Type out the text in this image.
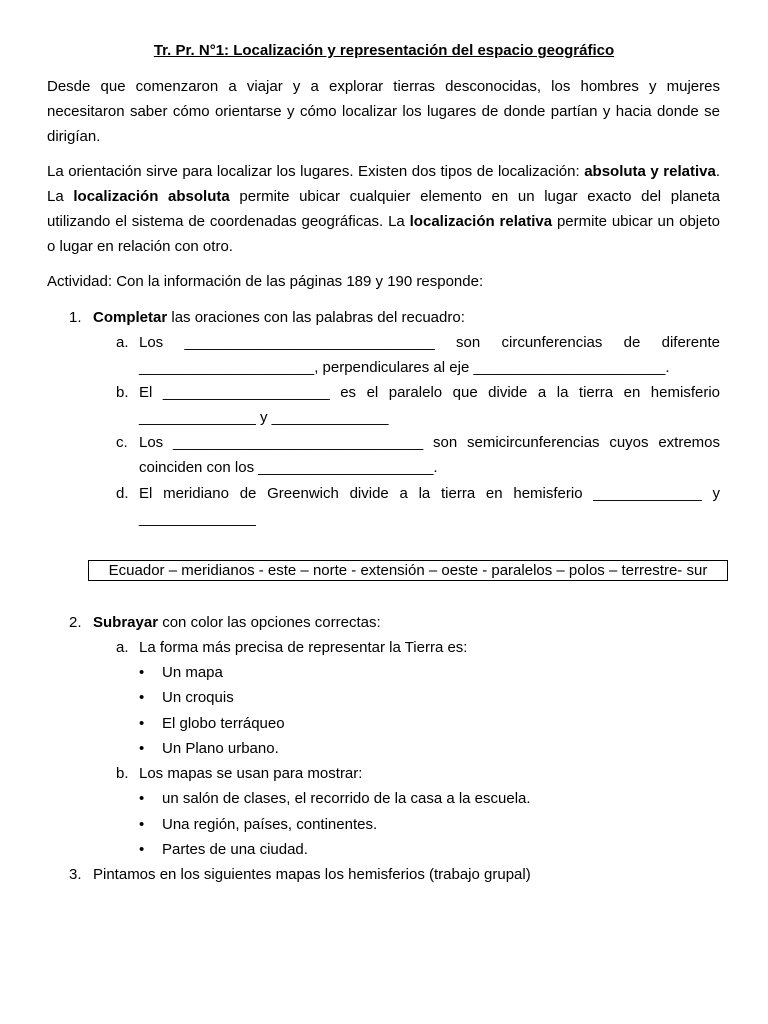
Tr. Pr. N°1: Localización y representación del espacio geográfico

Desde que comenzaron a viajar y a explorar tierras desconocidas, los hombres y mujeres necesitaron saber cómo orientarse y cómo localizar los lugares de donde partían y hacia donde se dirigían.

La orientación sirve para localizar los lugares. Existen dos tipos de localización: absoluta y relativa. La localización absoluta permite ubicar cualquier elemento en un lugar exacto del planeta utilizando el sistema de coordenadas geográficas. La localización relativa permite ubicar un objeto o lugar en relación con otro.

Actividad: Con la información de las páginas 189 y 190 responde:
1. Completar las oraciones con las palabras del recuadro:
a. Los ______________________________ son circunferencias de diferente
_____________________, perpendiculares al eje _______________________.
b. El ____________________ es el paralelo que divide a la tierra en hemisferio
______________ y ______________
c. Los ______________________________ son semicircunferencias cuyos extremos
coinciden con los _____________________.
d. El meridiano de Greenwich divide a la tierra en hemisferio _____________ y
______________
Ecuador – meridianos - este – norte - extensión – oeste - paralelos – polos – terrestre- sur
2. Subrayar con color las opciones correctas:
a. La forma más precisa de representar la Tierra es:
• Un mapa
• Un croquis
• El globo terráqueo
• Un Plano urbano.
b. Los mapas se usan para mostrar:
• un salón de clases, el recorrido de la casa a la escuela.
• Una región, países, continentes.
• Partes de una ciudad.
3. Pintamos en los siguientes mapas los hemisferios (trabajo grupal)
